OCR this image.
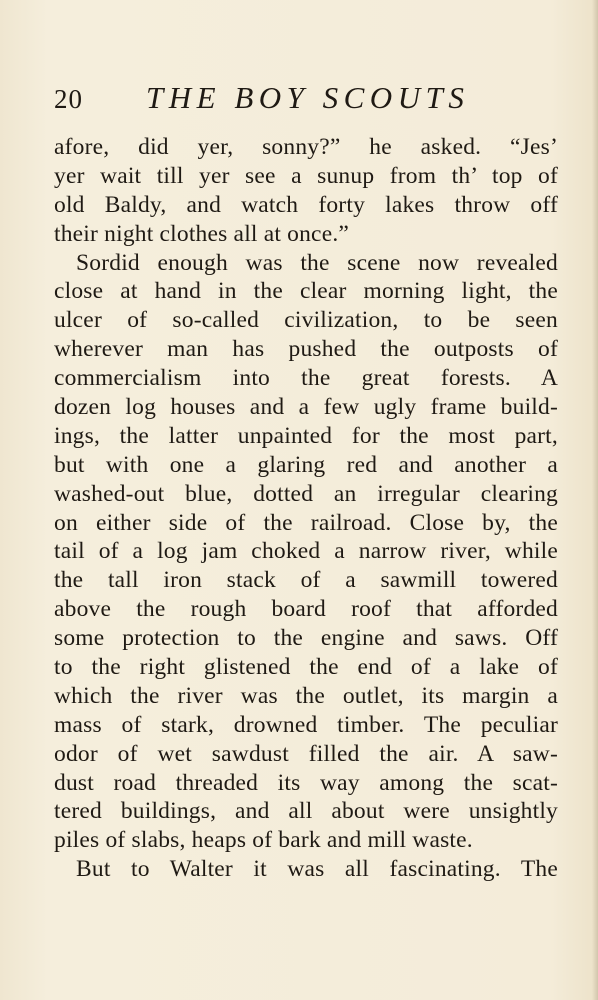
20 THE BOY SCOUTS
afore, did yer, sonny?” he asked. “Jes’
yer wait till yer see a sunup from th’ top of
old Baldy, and watch forty lakes throw off
their night clothes all at once.”
Sordid enough was the scene now revealed
close at hand in the clear morning light, the
ulcer of so-called civilization, to be seen
wherever man has pushed the outposts of
commercialism into the great forests. A
dozen log houses and a few ugly frame build-
ings, the latter unpainted for the most part,
but with one a glaring red and another a
washed-out blue, dotted an irregular clearing
on either side of the railroad. Close by, the
tail of a log jam choked a narrow river, while
the tall iron stack of a sawmill towered
above the rough board roof that afforded
some protection to the engine and saws. Off
to the right glistened the end of a lake of
which the river was the outlet, its margin a
mass of stark, drowned timber. The peculiar
odor of wet sawdust filled the air. A saw-
dust road threaded its way among the scat-
tered buildings, and all about were unsightly
piles of slabs, heaps of bark and mill waste.
But to Walter it was all fascinating. The
